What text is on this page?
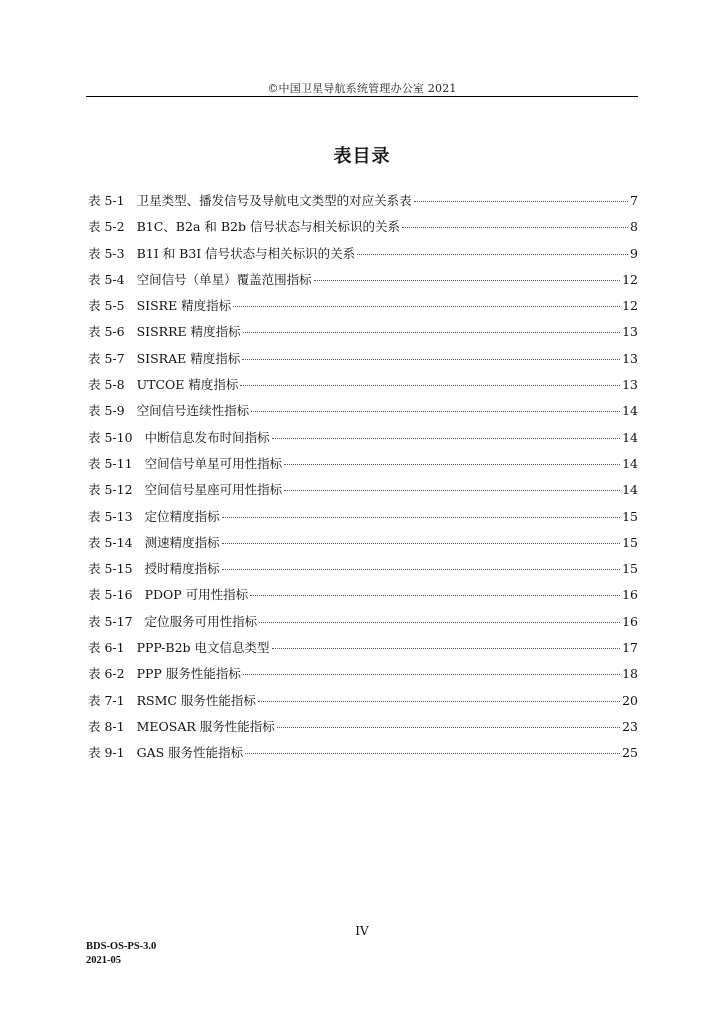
©中国卫星导航系统管理办公室 2021
表目录
表 5-1 卫星类型、播发信号及导航电文类型的对应关系表	7
表 5-2 B1C、B2a 和 B2b 信号状态与相关标识的关系	8
表 5-3 B1I 和 B3I 信号状态与相关标识的关系	9
表 5-4 空间信号（单星）覆盖范围指标	12
表 5-5 SISRE 精度指标	12
表 5-6 SISRRE 精度指标	13
表 5-7 SISRAE 精度指标	13
表 5-8 UTCOE 精度指标	13
表 5-9 空间信号连续性指标	14
表 5-10 中断信息发布时间指标	14
表 5-11 空间信号单星可用性指标	14
表 5-12 空间信号星座可用性指标	14
表 5-13 定位精度指标	15
表 5-14 测速精度指标	15
表 5-15 授时精度指标	15
表 5-16 PDOP 可用性指标	16
表 5-17 定位服务可用性指标	16
表 6-1 PPP-B2b 电文信息类型	17
表 6-2 PPP 服务性能指标	18
表 7-1 RSMC 服务性能指标	20
表 8-1 MEOSAR 服务性能指标	23
表 9-1 GAS 服务性能指标	25
IV
BDS-OS-PS-3.0
2021-05
